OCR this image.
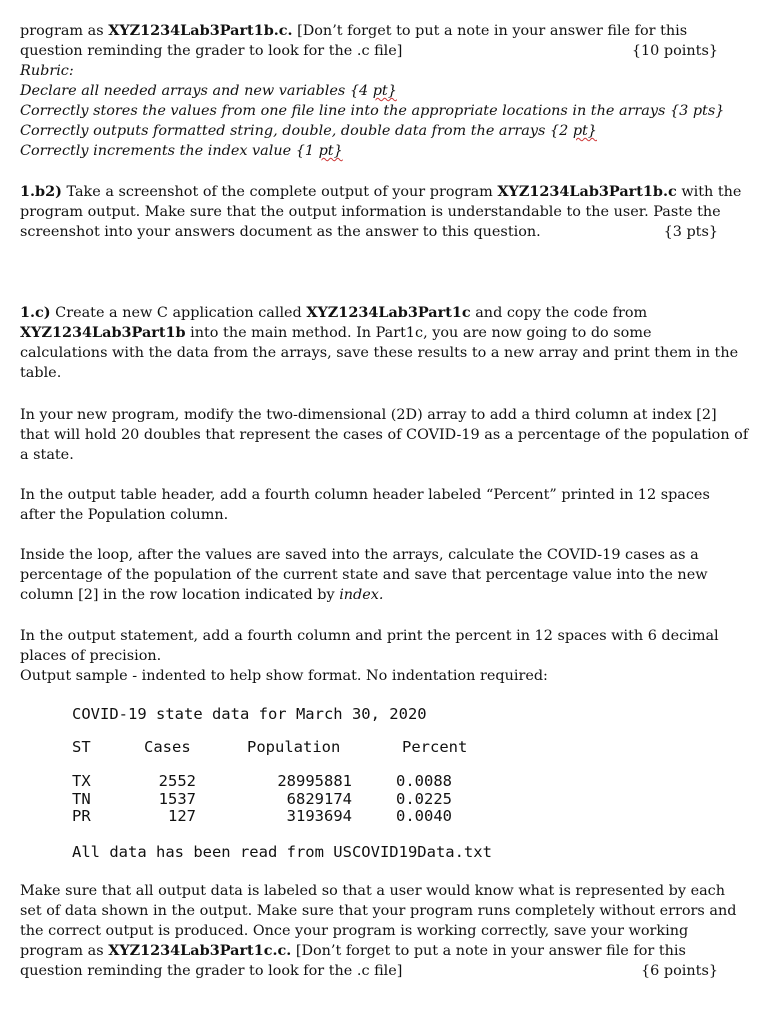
program as XYZ1234Lab3Part1b.c. [Don’t forget to put a note in your answer file for this
question reminding the grader to look for the .c file]	{10 points}
Rubric:
Declare all needed arrays and new variables {4 pt}
Correctly stores the values from one file line into the appropriate locations in the arrays {3 pts}
Correctly outputs formatted string, double, double data from the arrays {2 pt}
Correctly increments the index value {1 pt}
1.b2) Take a screenshot of the complete output of your program XYZ1234Lab3Part1b.c with the
program output. Make sure that the output information is understandable to the user. Paste the
screenshot into your answers document as the answer to this question.	{3 pts}
1.c) Create a new C application called XYZ1234Lab3Part1c and copy the code from
XYZ1234Lab3Part1b into the main method. In Part1c, you are now going to do some
calculations with the data from the arrays, save these results to a new array and print them in the
table.
In your new program, modify the two-dimensional (2D) array to add a third column at index [2]
that will hold 20 doubles that represent the cases of COVID-19 as a percentage of the population of
a state.
In the output table header, add a fourth column header labeled “Percent” printed in 12 spaces
after the Population column.
Inside the loop, after the values are saved into the arrays, calculate the COVID-19 cases as a
percentage of the population of the current state and save that percentage value into the new
column [2] in the row location indicated by index.
In the output statement, add a fourth column and print the percent in 12 spaces with 6 decimal
places of precision.
Output sample - indented to help show format. No indentation required:
COVID-19 state data for March 30, 2020
ST	Cases	Population	Percent
TX	2552	28995881	0.0088
TN	1537	6829174	0.0225
PR	127	3193694	0.0040
All data has been read from USCOVID19Data.txt
Make sure that all output data is labeled so that a user would know what is represented by each
set of data shown in the output. Make sure that your program runs completely without errors and
the correct output is produced. Once your program is working correctly, save your working
program as XYZ1234Lab3Part1c.c. [Don’t forget to put a note in your answer file for this
question reminding the grader to look for the .c file]	{6 points}
